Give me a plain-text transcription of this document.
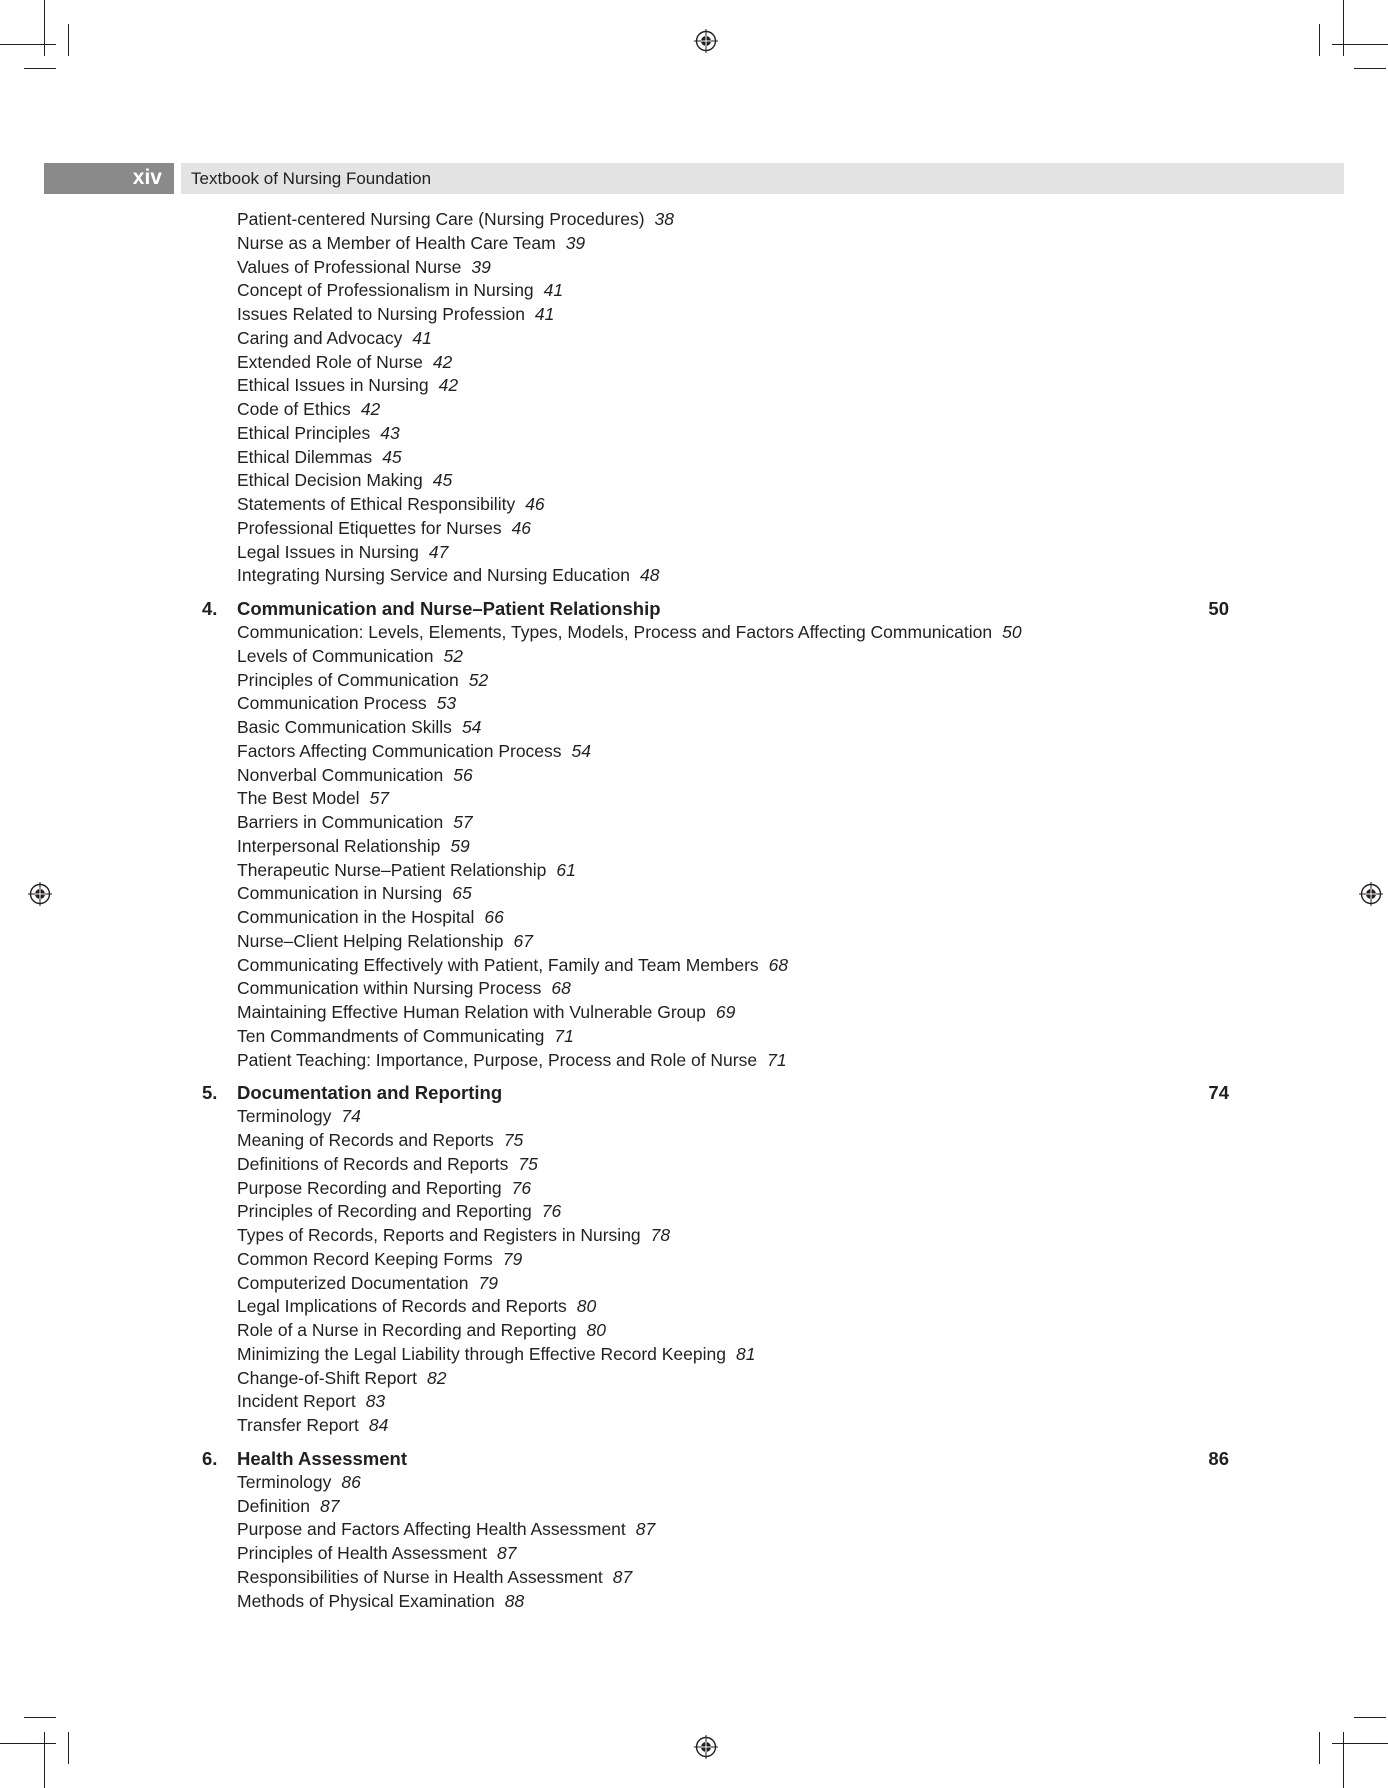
xiv Textbook of Nursing Foundation
Patient-centered Nursing Care (Nursing Procedures) 38
Nurse as a Member of Health Care Team 39
Values of Professional Nurse 39
Concept of Professionalism in Nursing 41
Issues Related to Nursing Profession 41
Caring and Advocacy 41
Extended Role of Nurse 42
Ethical Issues in Nursing 42
Code of Ethics 42
Ethical Principles 43
Ethical Dilemmas 45
Ethical Decision Making 45
Statements of Ethical Responsibility 46
Professional Etiquettes for Nurses 46
Legal Issues in Nursing 47
Integrating Nursing Service and Nursing Education 48
4. Communication and Nurse–Patient Relationship	50
Communication: Levels, Elements, Types, Models, Process and Factors Affecting Communication 50
Levels of Communication 52
Principles of Communication 52
Communication Process 53
Basic Communication Skills 54
Factors Affecting Communication Process 54
Nonverbal Communication 56
The Best Model 57
Barriers in Communication 57
Interpersonal Relationship 59
Therapeutic Nurse–Patient Relationship 61
Communication in Nursing 65
Communication in the Hospital 66
Nurse–Client Helping Relationship 67
Communicating Effectively with Patient, Family and Team Members 68
Communication within Nursing Process 68
Maintaining Effective Human Relation with Vulnerable Group 69
Ten Commandments of Communicating 71
Patient Teaching: Importance, Purpose, Process and Role of Nurse 71
5. Documentation and Reporting	74
Terminology 74
Meaning of Records and Reports 75
Definitions of Records and Reports 75
Purpose Recording and Reporting 76
Principles of Recording and Reporting 76
Types of Records, Reports and Registers in Nursing 78
Common Record Keeping Forms 79
Computerized Documentation 79
Legal Implications of Records and Reports 80
Role of a Nurse in Recording and Reporting 80
Minimizing the Legal Liability through Effective Record Keeping 81
Change-of-Shift Report 82
Incident Report 83
Transfer Report 84
6. Health Assessment	86
Terminology 86
Definition 87
Purpose and Factors Affecting Health Assessment 87
Principles of Health Assessment 87
Responsibilities of Nurse in Health Assessment 87
Methods of Physical Examination 88
